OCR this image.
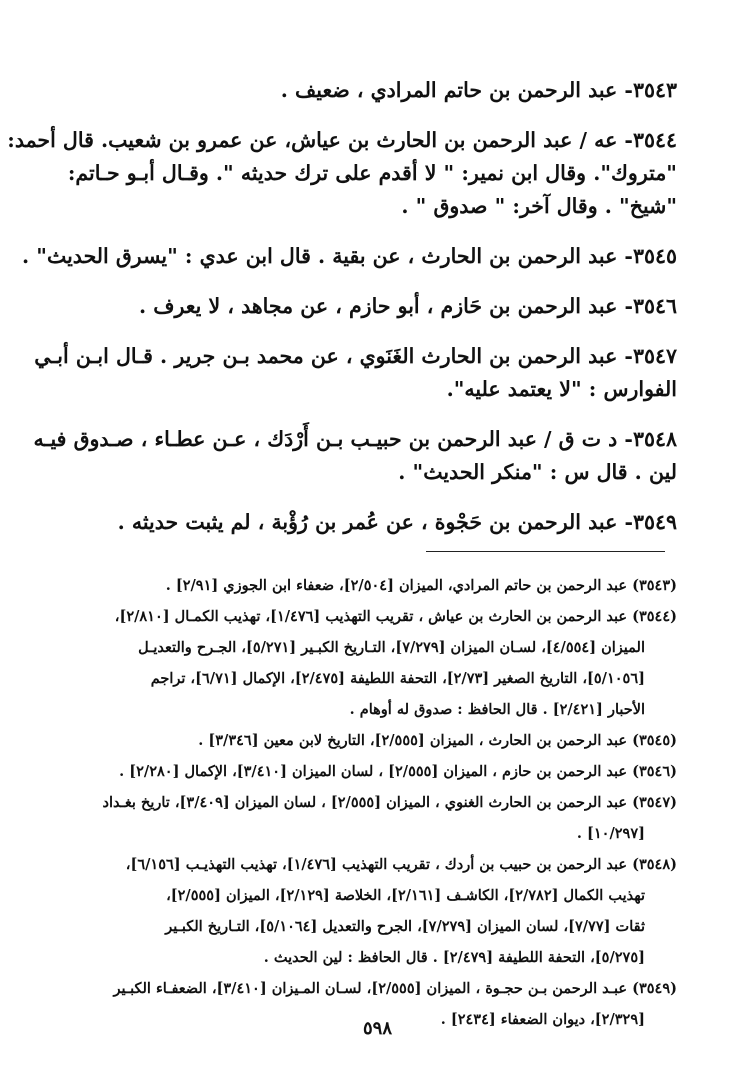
٣٥٤٣- عبد الرحمن بن حاتم المرادي ، ضعيف .

٣٥٤٤- عه / عبد الرحمن بن الحارث بن عياش، عن عمرو بن شعيب. قال أحمد:
"متروك". وقال ابن نمير: " لا أقدم على ترك حديثه ". وقـال أبـو حـاتم:
"شيخ" . وقال آخر: " صدوق " .

٣٥٤٥- عبد الرحمن بن الحارث ، عن بقية . قال ابن عدي : "يسرق الحديث" .

٣٥٤٦- عبد الرحمن بن حَازم ، أبو حازم ، عن مجاهد ، لا يعرف .

٣٥٤٧- عبد الرحمن بن الحارث الغَنَوي ، عن محمد بـن جرير . قـال ابـن أبـي
الفوارس : "لا يعتمد عليه".

٣٥٤٨- د ت ق / عبد الرحمن بن حبيـب بـن أَرْدَك ، عـن عطـاء ، صـدوق فيـه
لين . قال س : "منكر الحديث" .

٣٥٤٩- عبد الرحمن بن حَجْوة ، عن عُمر بن رُؤْبة ، لم يثبت حديثه .

(٣٥٤٣) عبد الرحمن بن حاتم المرادي، الميزان [٢/٥٠٤]، ضعفاء ابن الجوزي [٢/٩١] .

(٣٥٤٤) عبد الرحمن بن الحارث بن عياش ، تقريب التهذيب [١/٤٧٦]، تهذيب الكمـال [٢/٨١٠]،
الميزان [٤/٥٥٤]، لسـان الميزان [٧/٢٧٩]، التـاريخ الكبـير [٥/٢٧١]، الجـرح والتعديـل
[٥/١٠٥٦]، التاريخ الصغير [٢/٧٣]، التحفة اللطيفة [٢/٤٧٥]، الإكمال [٦/٧١]، تراجم
الأحبار [٢/٤٢١] . قال الحافظ : صدوق له أوهام .

(٣٥٤٥) عبد الرحمن بن الحارث ، الميزان [٢/٥٥٥]، التاريخ لابن معين [٣/٣٤٦] .

(٣٥٤٦) عبد الرحمن بن حازم ، الميزان [٢/٥٥٥] ، لسان الميزان [٣/٤١٠]، الإكمال [٢/٢٨٠] .

(٣٥٤٧) عبد الرحمن بن الحارث الغنوي ، الميزان [٢/٥٥٥] ، لسان الميزان [٣/٤٠٩]، تاريخ بغـداد
[١٠/٢٩٧] .

(٣٥٤٨) عبد الرحمن بن حبيب بن أردك ، تقريب التهذيب [١/٤٧٦]، تهذيب التهذيـب [٦/١٥٦]،
تهذيب الكمال [٢/٧٨٢]، الكاشـف [٢/١٦١]، الخلاصة [٢/١٢٩]، الميزان [٢/٥٥٥]،
ثقات [٧/٧٧]، لسان الميزان [٧/٢٧٩]، الجرح والتعديل [٥/١٠٦٤]، التـاريخ الكبـير
[٥/٢٧٥]، التحفة اللطيفة [٢/٤٧٩] . قال الحافظ : لين الحديث .

(٣٥٤٩) عبـد الرحمن بـن حجـوة ، الميزان [٢/٥٥٥]، لسـان المـيزان [٣/٤١٠]، الضعفـاء الكبـير
[٢/٣٢٩]، ديوان الضعفاء [٢٤٣٤] .

٥٩٨
